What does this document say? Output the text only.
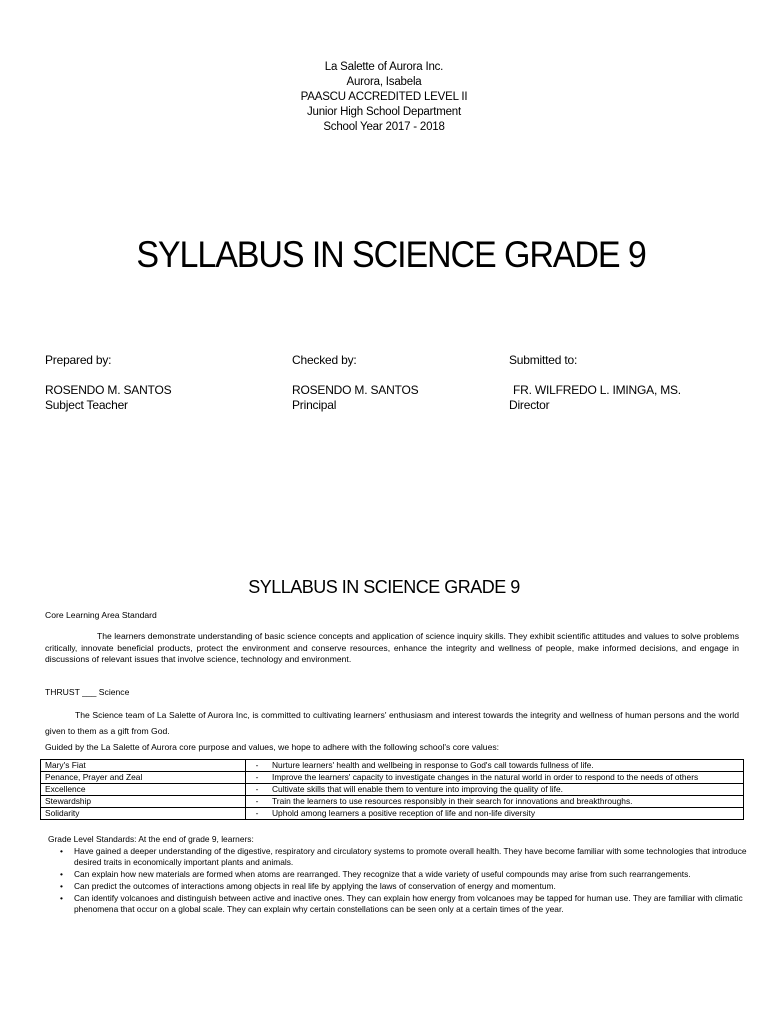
La Salette of Aurora Inc.
Aurora, Isabela
PAASCU ACCREDITED LEVEL II
Junior High School Department
School Year 2017 - 2018
SYLLABUS IN SCIENCE GRADE 9
Prepared by:
ROSENDO M. SANTOS
Subject Teacher
Checked by:
ROSENDO M. SANTOS
Principal
Submitted to:
FR. WILFREDO L. IMINGA, MS.
Director
SYLLABUS IN SCIENCE GRADE 9
Core Learning Area Standard
The learners demonstrate understanding of basic science concepts and application of science inquiry skills. They exhibit scientific attitudes and values to solve problems critically, innovate beneficial products, protect the environment and conserve resources, enhance the integrity and wellness of people, make informed decisions, and engage in discussions of relevant issues that involve science, technology and environment.
THRUST ___ Science
The Science team of La Salette of Aurora Inc, is committed to cultivating learners' enthusiasm and interest towards the integrity and wellness of human persons and the world given to them as a gift from God.
Guided by the La Salette of Aurora core purpose and values, we hope to adhere with the following school's core values:
Mary's Fiat	-	Nurture learners' health and wellbeing in response to God's call towards fullness of life.
Penance, Prayer and Zeal	-	Improve the learners' capacity to investigate changes in the natural world in order to respond to the needs of others
Excellence	-	Cultivate skills that will enable them to venture into improving the quality of life.
Stewardship	-	Train the learners to use resources responsibly in their search for innovations and breakthroughs.
Solidarity	-	Uphold among learners a positive reception of life and non-life diversity
Grade Level Standards: At the end of grade 9, learners:
• Have gained a deeper understanding of the digestive, respiratory and circulatory systems to promote overall health. They have become familiar with some technologies that introduce desired traits in economically important plants and animals.
• Can explain how new materials are formed when atoms are rearranged. They recognize that a wide variety of useful compounds may arise from such rearrangements.
• Can predict the outcomes of interactions among objects in real life by applying the laws of conservation of energy and momentum.
• Can identify volcanoes and distinguish between active and inactive ones. They can explain how energy from volcanoes may be tapped for human use. They are familiar with climatic phenomena that occur on a global scale. They can explain why certain constellations can be seen only at a certain times of the year.
